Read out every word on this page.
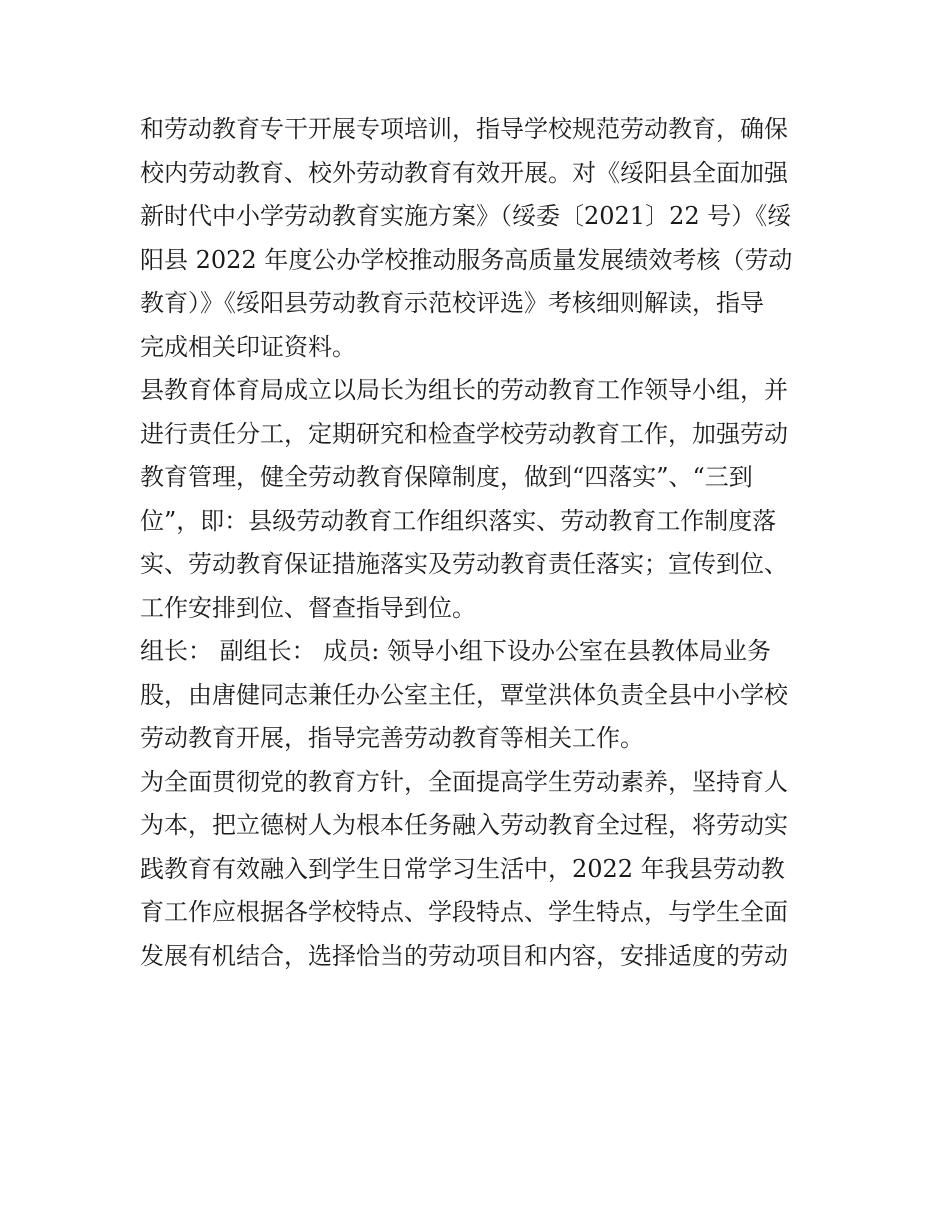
和劳动教育专干开展专项培训，指导学校规范劳动教育，确保
校内劳动教育、校外劳动教育有效开展。对《绥阳县全面加强
新时代中小学劳动教育实施方案》（绥委〔2021〕22 号）《绥
阳县 2022 年度公办学校推动服务高质量发展绩效考核（劳动
教育）》《绥阳县劳动教育示范校评选》考核细则解读，指导
完成相关印证资料。
县教育体育局成立以局长为组长的劳动教育工作领导小组，并
进行责任分工，定期研究和检查学校劳动教育工作，加强劳动
教育管理，健全劳动教育保障制度，做到“四落实”、“三到
位”，即：县级劳动教育工作组织落实、劳动教育工作制度落
实、劳动教育保证措施落实及劳动教育责任落实；宣传到位、
工作安排到位、督查指导到位。
组长： 副组长： 成员: 领导小组下设办公室在县教体局业务
股，由唐健同志兼任办公室主任，覃堂洪体负责全县中小学校
劳动教育开展，指导完善劳动教育等相关工作。
为全面贯彻党的教育方针，全面提高学生劳动素养，坚持育人
为本，把立德树人为根本任务融入劳动教育全过程，将劳动实
践教育有效融入到学生日常学习生活中，2022 年我县劳动教
育工作应根据各学校特点、学段特点、学生特点，与学生全面
发展有机结合，选择恰当的劳动项目和内容，安排适度的劳动
